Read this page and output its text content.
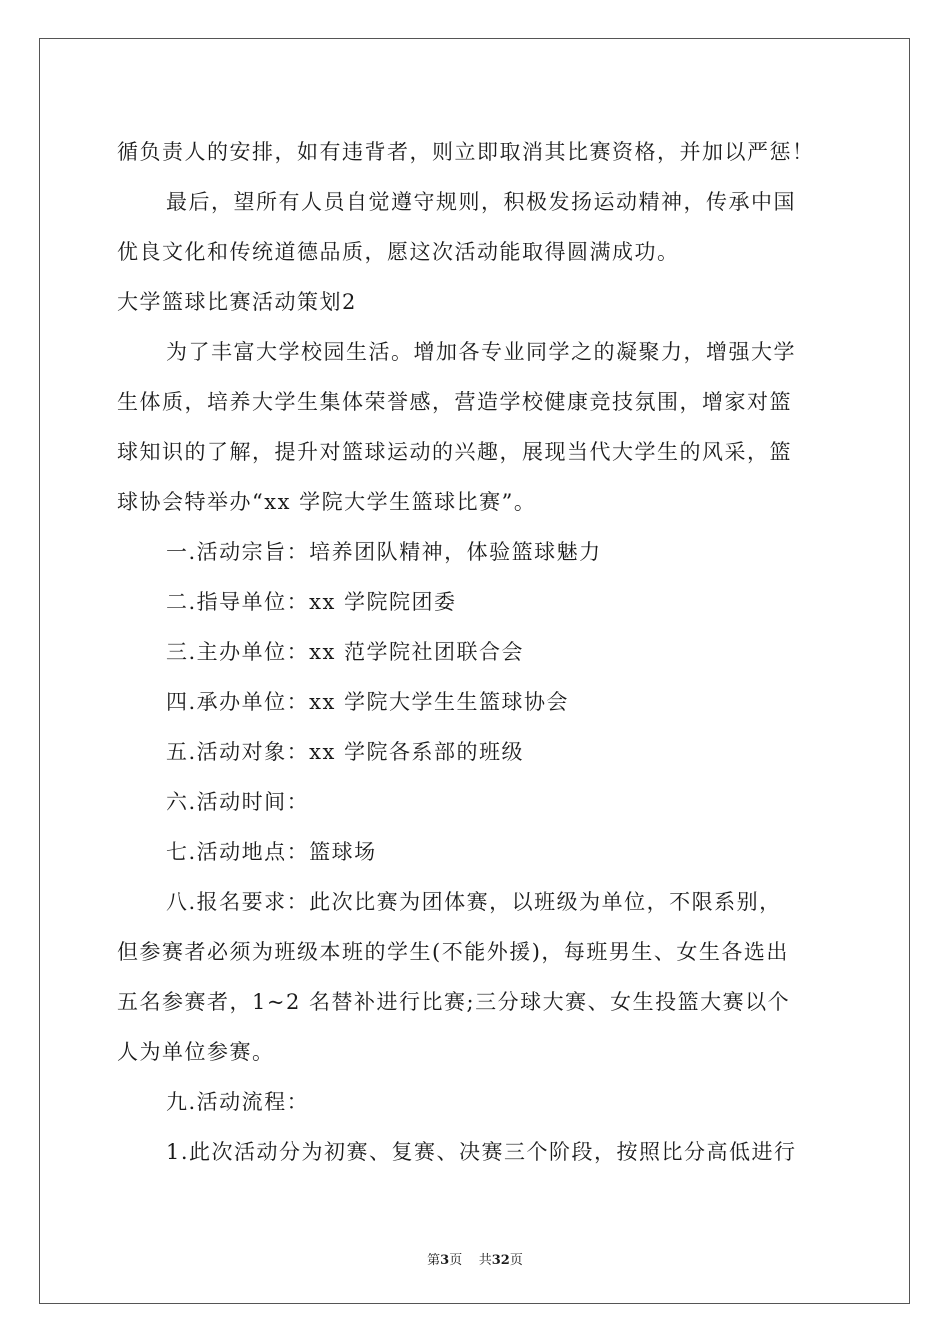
循负责人的安排，如有违背者，则立即取消其比赛资格，并加以严惩！
最后，望所有人员自觉遵守规则，积极发扬运动精神，传承中国
优良文化和传统道德品质，愿这次活动能取得圆满成功。
大学篮球比赛活动策划2
为了丰富大学校园生活。增加各专业同学之的凝聚力，增强大学
生体质，培养大学生集体荣誉感，营造学校健康竞技氛围，增家对篮
球知识的了解，提升对篮球运动的兴趣，展现当代大学生的风采，篮
球协会特举办“xx 学院大学生篮球比赛”。
一.活动宗旨：培养团队精神，体验篮球魅力
二.指导单位：xx 学院院团委
三.主办单位：xx 范学院社团联合会
四.承办单位：xx 学院大学生生篮球协会
五.活动对象：xx 学院各系部的班级
六.活动时间：
七.活动地点：篮球场
八.报名要求：此次比赛为团体赛，以班级为单位，不限系别，
但参赛者必须为班级本班的学生(不能外援)，每班男生、女生各选出
五名参赛者，1~2 名替补进行比赛;三分球大赛、女生投篮大赛以个
人为单位参赛。
九.活动流程：
1.此次活动分为初赛、复赛、决赛三个阶段，按照比分高低进行
第3页 共32页
